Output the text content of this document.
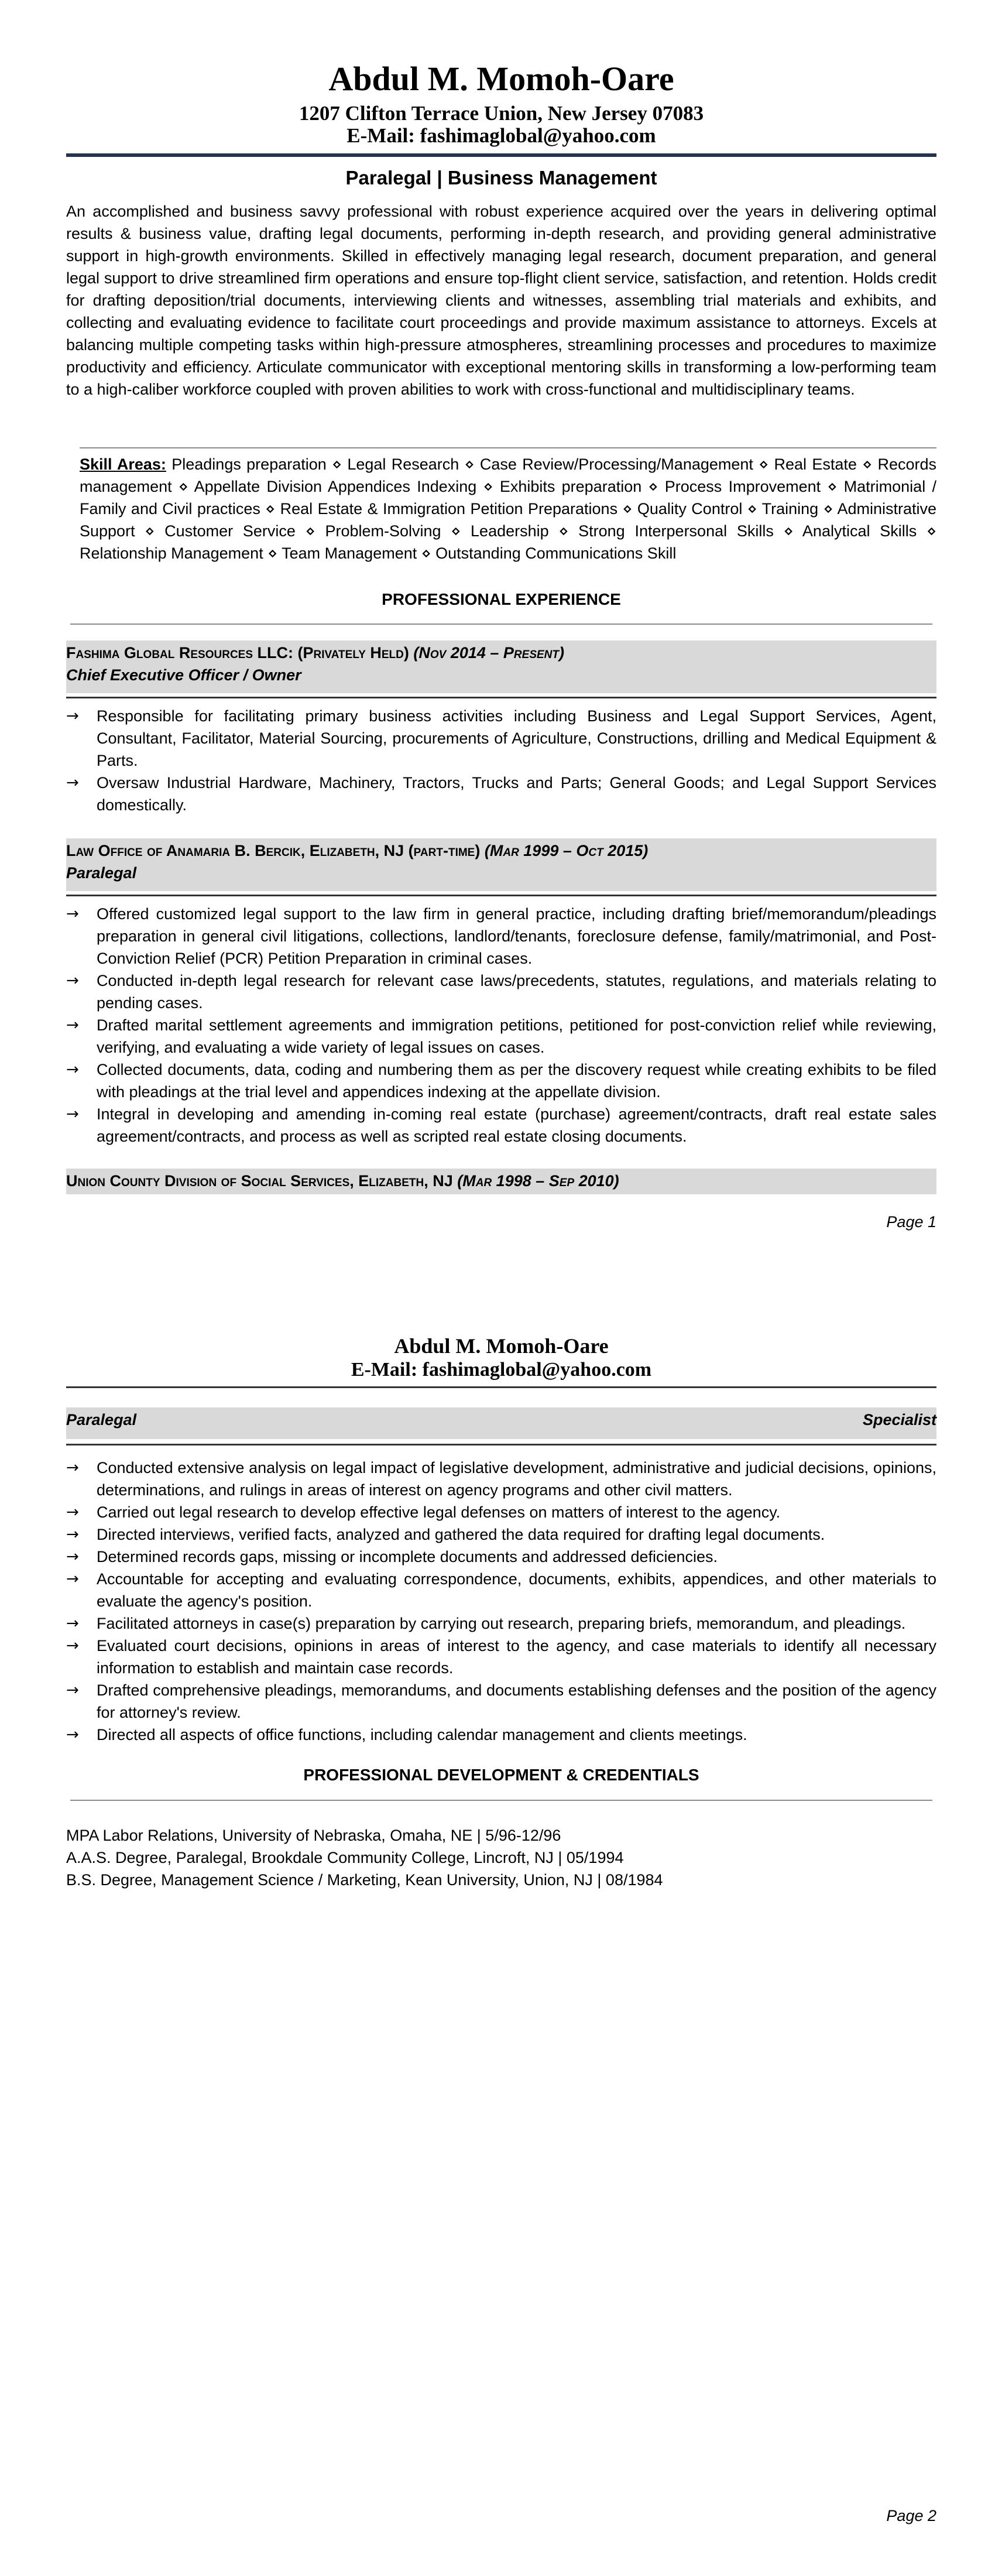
Abdul M. Momoh-Oare

1207 Clifton Terrace Union, New Jersey 07083

E-Mail: fashimaglobal@yahoo.com

Paralegal | Business Management

An accomplished and business savvy professional with robust experience acquired over the years in delivering optimal results & business value, drafting legal documents, performing in-depth research, and providing general administrative support in high-growth environments. Skilled in effectively managing legal research, document preparation, and general legal support to drive streamlined firm operations and ensure top-flight client service, satisfaction, and retention. Holds credit for drafting deposition/trial documents, interviewing clients and witnesses, assembling trial materials and exhibits, and collecting and evaluating evidence to facilitate court proceedings and provide maximum assistance to attorneys. Excels at balancing multiple competing tasks within high-pressure atmospheres, streamlining processes and procedures to maximize productivity and efficiency. Articulate communicator with exceptional mentoring skills in transforming a low-performing team to a high-caliber workforce coupled with proven abilities to work with cross-functional and multidisciplinary teams.

Skill Areas: Pleadings preparation ⋄ Legal Research ⋄ Case Review/Processing/Management ⋄ Real Estate ⋄ Records management ⋄ Appellate Division Appendices Indexing ⋄ Exhibits preparation ⋄ Process Improvement ⋄ Matrimonial / Family and Civil practices ⋄ Real Estate & Immigration Petition Preparations ⋄ Quality Control ⋄ Training ⋄ Administrative Support ⋄ Customer Service ⋄ Problem-Solving ⋄ Leadership ⋄ Strong Interpersonal Skills ⋄ Analytical Skills ⋄ Relationship Management ⋄ Team Management ⋄ Outstanding Communications Skill
PROFESSIONAL EXPERIENCE

Fashima Global Resources LLC: (Privately Held) (Nov 2014 – Present)

Chief Executive Officer / Owner

→ Responsible for facilitating primary business activities including Business and Legal Support Services, Agent, Consultant, Facilitator, Material Sourcing, procurements of Agriculture, Constructions, drilling and Medical Equipment & Parts.
→ Oversaw Industrial Hardware, Machinery, Tractors, Trucks and Parts; General Goods; and Legal Support Services domestically.

Law Office of Anamaria B. Bercik, Elizabeth, NJ (part-time) (Mar 1999 – Oct 2015)

Paralegal

→ Offered customized legal support to the law firm in general practice, including drafting brief/memorandum/pleadings preparation in general civil litigations, collections, landlord/tenants, foreclosure defense, family/matrimonial, and Post-Conviction Relief (PCR) Petition Preparation in criminal cases.
→ Conducted in-depth legal research for relevant case laws/precedents, statutes, regulations, and materials relating to pending cases.
→ Drafted marital settlement agreements and immigration petitions, petitioned for post-conviction relief while reviewing, verifying, and evaluating a wide variety of legal issues on cases.
→ Collected documents, data, coding and numbering them as per the discovery request while creating exhibits to be filed with pleadings at the trial level and appendices indexing at the appellate division.
→ Integral in developing and amending in-coming real estate (purchase) agreement/contracts, draft real estate sales agreement/contracts, and process as well as scripted real estate closing documents.

Union County Division of Social Services, Elizabeth, NJ (Mar 1998 – Sep 2010)

Page 1

Abdul M. Momoh-Oare

E-Mail: fashimaglobal@yahoo.com

Paralegal	Specialist

→ Conducted extensive analysis on legal impact of legislative development, administrative and judicial decisions, opinions, determinations, and rulings in areas of interest on agency programs and other civil matters.
→ Carried out legal research to develop effective legal defenses on matters of interest to the agency.
→ Directed interviews, verified facts, analyzed and gathered the data required for drafting legal documents.
→ Determined records gaps, missing or incomplete documents and addressed deficiencies.
→ Accountable for accepting and evaluating correspondence, documents, exhibits, appendices, and other materials to evaluate the agency's position.
→ Facilitated attorneys in case(s) preparation by carrying out research, preparing briefs, memorandum, and pleadings.
→ Evaluated court decisions, opinions in areas of interest to the agency, and case materials to identify all necessary information to establish and maintain case records.
→ Drafted comprehensive pleadings, memorandums, and documents establishing defenses and the position of the agency for attorney's review.
→ Directed all aspects of office functions, including calendar management and clients meetings.
PROFESSIONAL DEVELOPMENT & CREDENTIALS

MPA Labor Relations, University of Nebraska, Omaha, NE | 5/96-12/96

A.A.S. Degree, Paralegal, Brookdale Community College, Lincroft, NJ | 05/1994

B.S. Degree, Management Science / Marketing, Kean University, Union, NJ | 08/1984

Page 2
